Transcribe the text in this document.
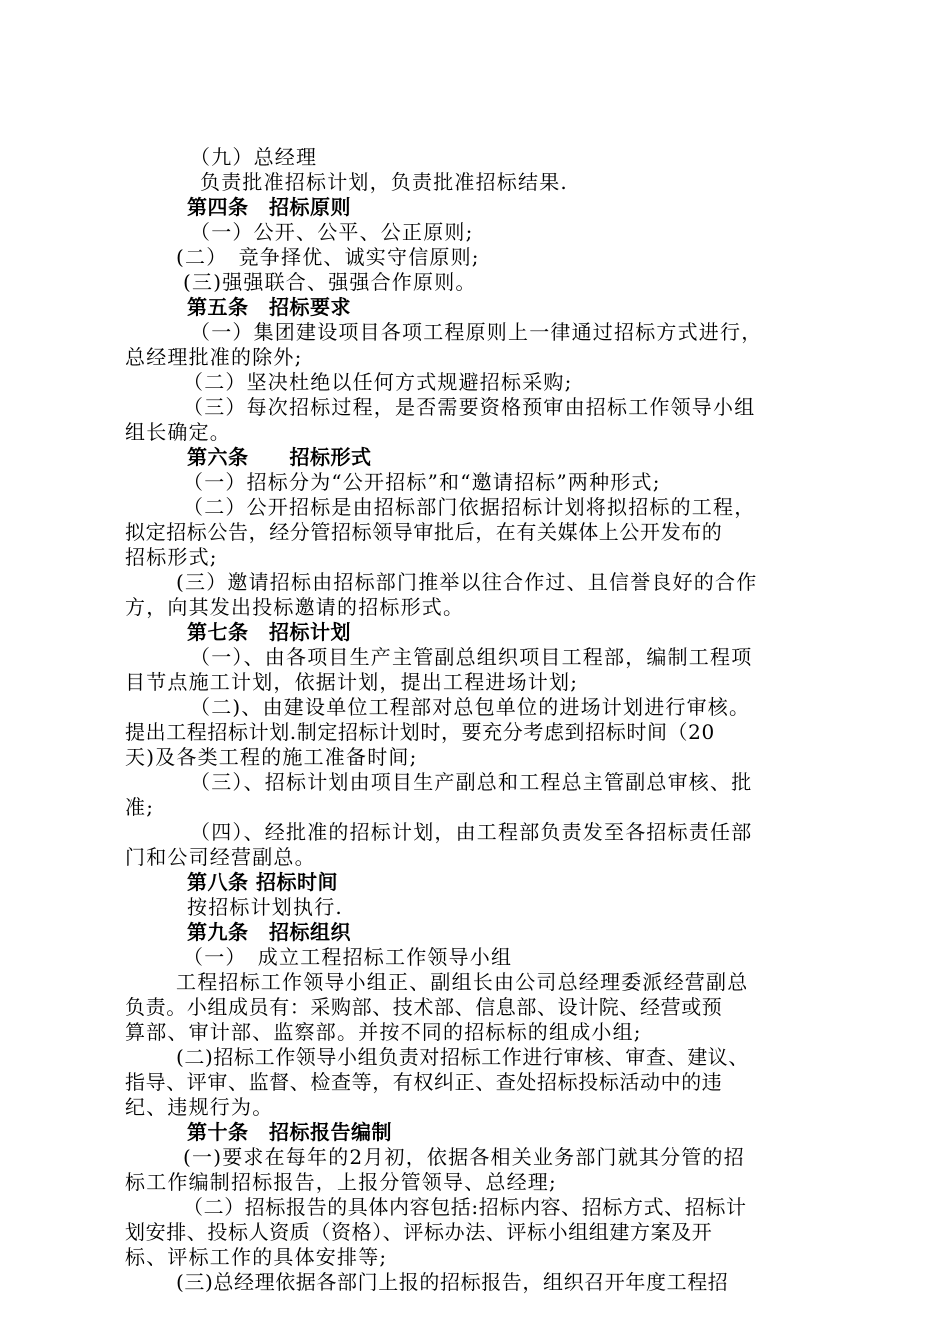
（九）总经理
负责批准招标计划，负责批准招标结果.
第四条　招标原则
（一）公开、公平、公正原则;
(二）　竞争择优、诚实守信原则;
(三)强强联合、强强合作原则。
第五条　招标要求
（一）集团建设项目各项工程原则上一律通过招标方式进行，
总经理批准的除外;
（二）坚决杜绝以任何方式规避招标采购;
（三）每次招标过程，是否需要资格预审由招标工作领导小组
组长确定。
第六条　　招标形式
（一）招标分为“公开招标”和“邀请招标”两种形式;
（二）公开招标是由招标部门依据招标计划将拟招标的工程，
拟定招标公告，经分管招标领导审批后，在有关媒体上公开发布的
招标形式;
(三）邀请招标由招标部门推举以往合作过、且信誉良好的合作
方，向其发出投标邀请的招标形式。
第七条　招标计划
（一）、由各项目生产主管副总组织项目工程部，编制工程项
目节点施工计划，依据计划，提出工程进场计划;
（二)、由建设单位工程部对总包单位的进场计划进行审核。
提出工程招标计划.制定招标计划时，要充分考虑到招标时间（20
天)及各类工程的施工准备时间;
（三）、招标计划由项目生产副总和工程总主管副总审核、批
准;
（四）、经批准的招标计划，由工程部负责发至各招标责任部
门和公司经营副总。
第八条 招标时间
按招标计划执行.
第九条　招标组织
（一）　成立工程招标工作领导小组
工程招标工作领导小组正、副组长由公司总经理委派经营副总
负责。小组成员有：采购部、技术部、信息部、设计院、经营或预
算部、审计部、监察部。并按不同的招标标的组成小组;
(二)招标工作领导小组负责对招标工作进行审核、审查、建议、
指导、评审、监督、检查等，有权纠正、查处招标投标活动中的违
纪、违规行为。
第十条　招标报告编制
(一)要求在每年的2月初，依据各相关业务部门就其分管的招
标工作编制招标报告，上报分管领导、总经理;
（二）招标报告的具体内容包括:招标内容、招标方式、招标计
划安排、投标人资质（资格）、评标办法、评标小组组建方案及开
标、评标工作的具体安排等;
(三)总经理依据各部门上报的招标报告，组织召开年度工程招
